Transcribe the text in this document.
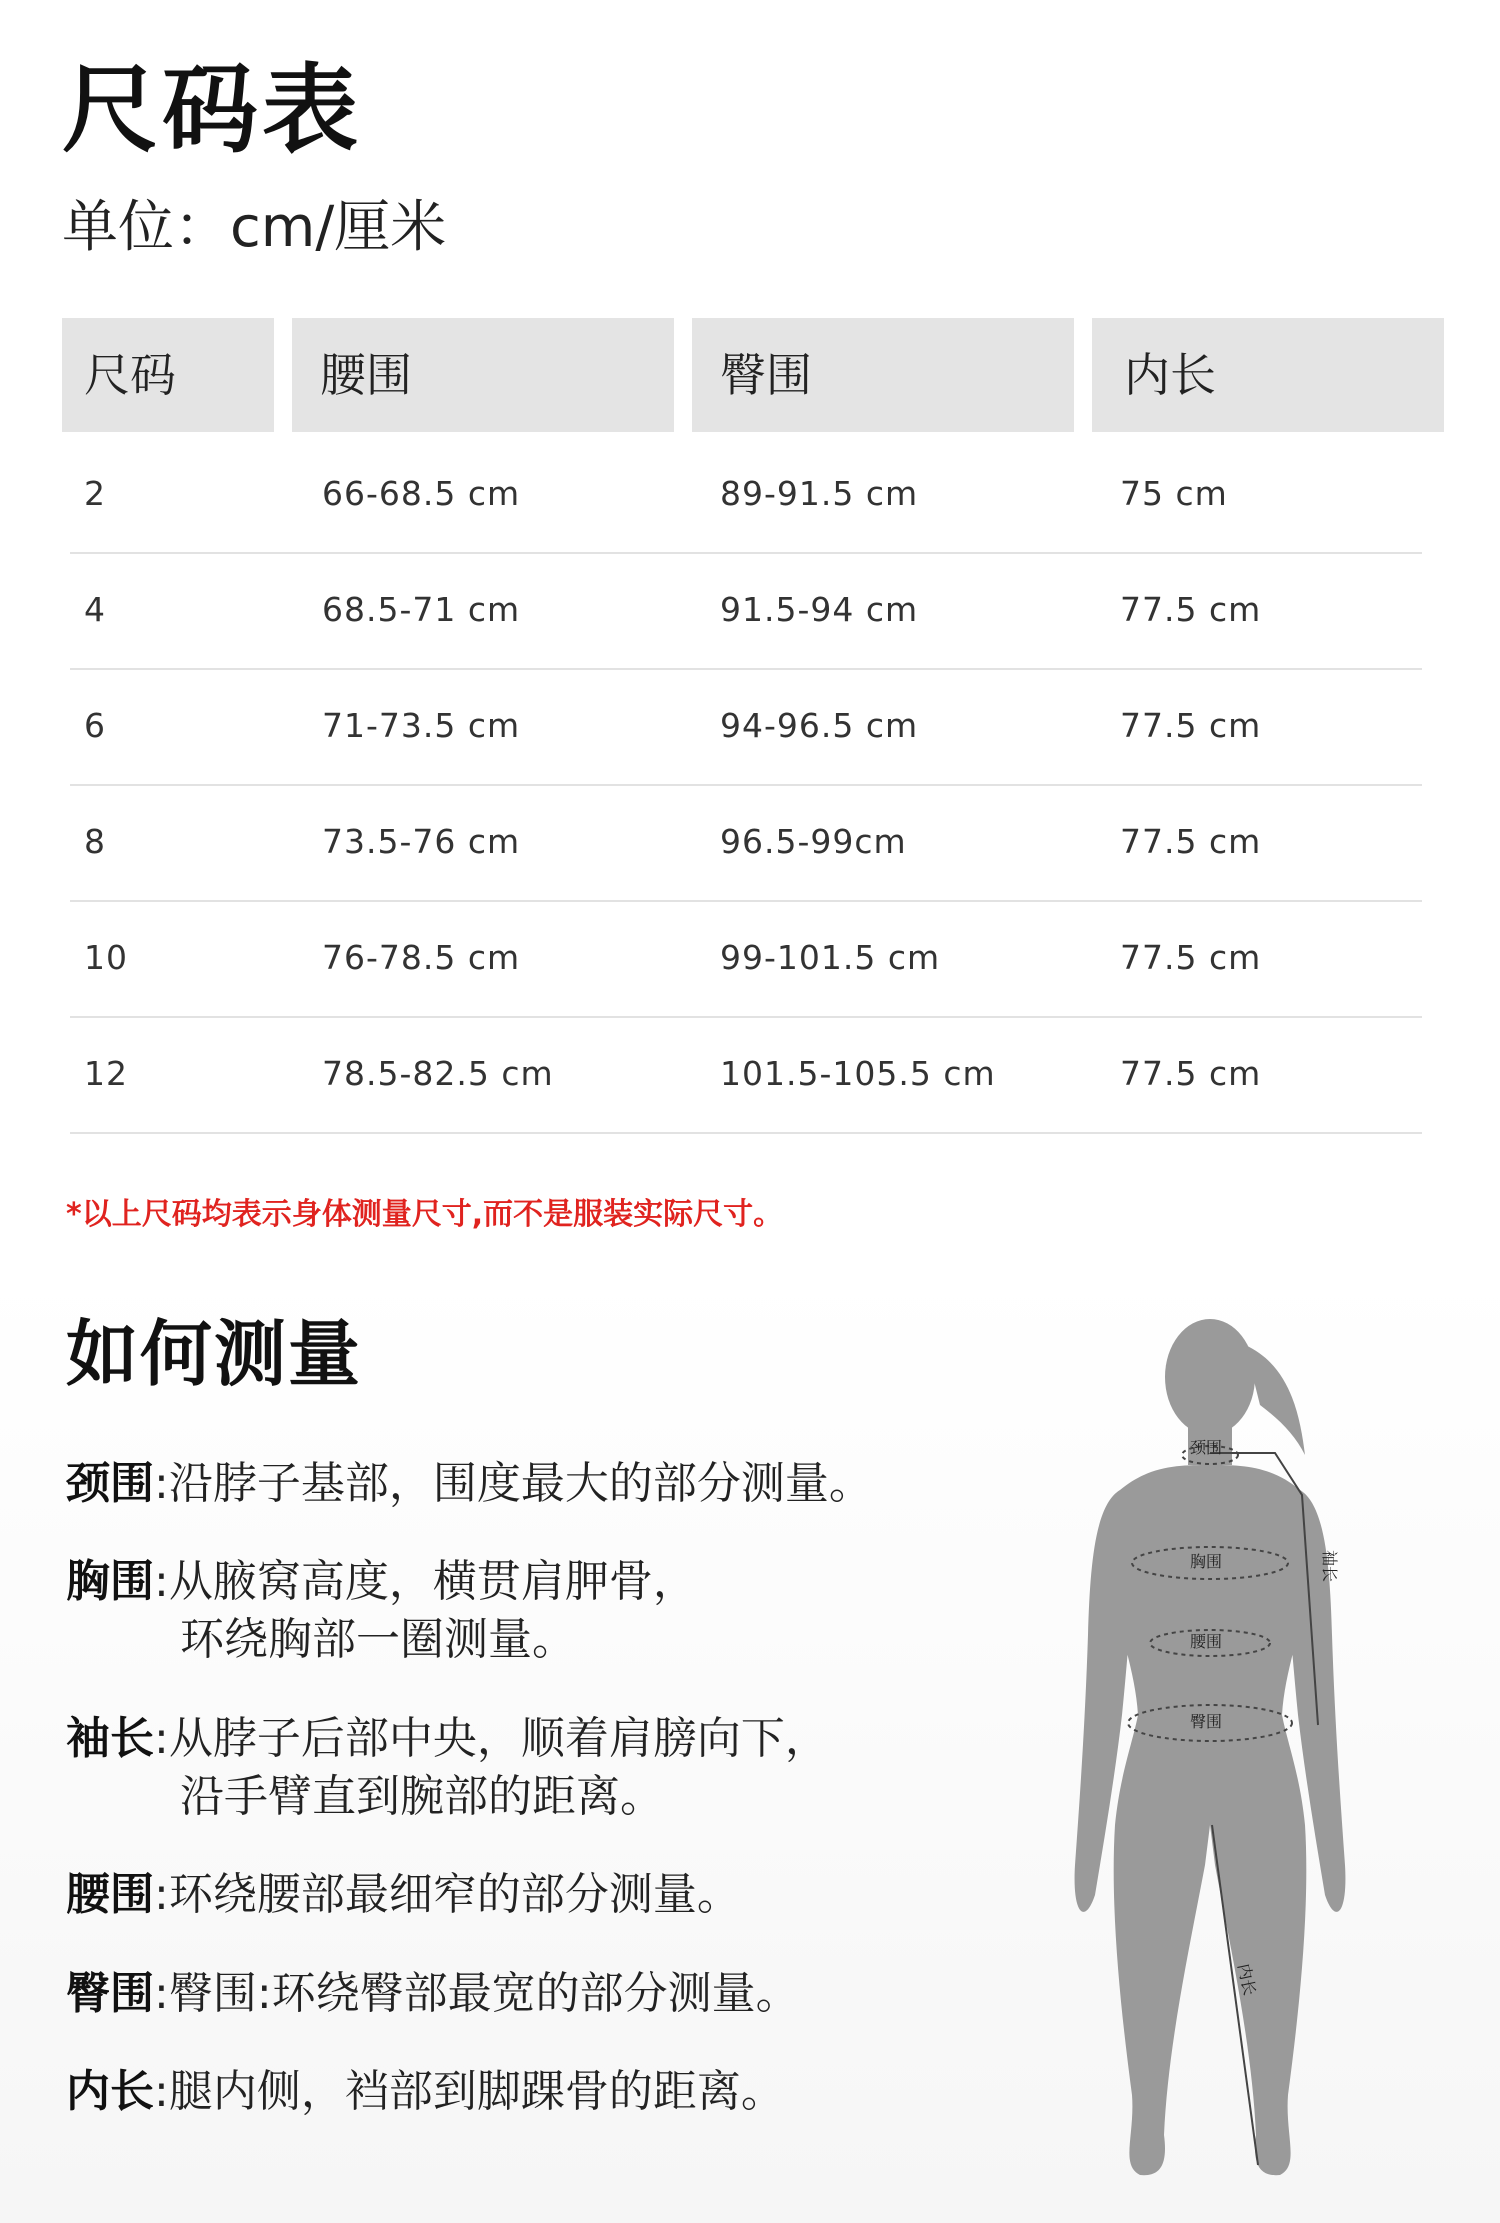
尺码表
单位：cm/厘米
尺码	腰围	臀围	内长
2	66-68.5 cm	89-91.5 cm	75 cm
4	68.5-71 cm	91.5-94 cm	77.5 cm
6	71-73.5 cm	94-96.5 cm	77.5 cm
8	73.5-76 cm	96.5-99cm	77.5 cm
10	76-78.5 cm	99-101.5 cm	77.5 cm
12	78.5-82.5 cm	101.5-105.5 cm	77.5 cm
*以上尺码均表示身体测量尺寸,而不是服装实际尺寸。
如何测量
颈围:沿脖子基部，围度最大的部分测量。
胸围:从腋窝高度，横贯肩胛骨，
环绕胸部一圈测量。
袖长:从脖子后部中央，顺着肩膀向下，
沿手臂直到腕部的距离。
腰围:环绕腰部最细窄的部分测量。
臀围:臀围:环绕臀部最宽的部分测量。
内长:腿内侧，裆部到脚踝骨的距离。
颈围
胸围
腰围
臀围
袖长
内长
